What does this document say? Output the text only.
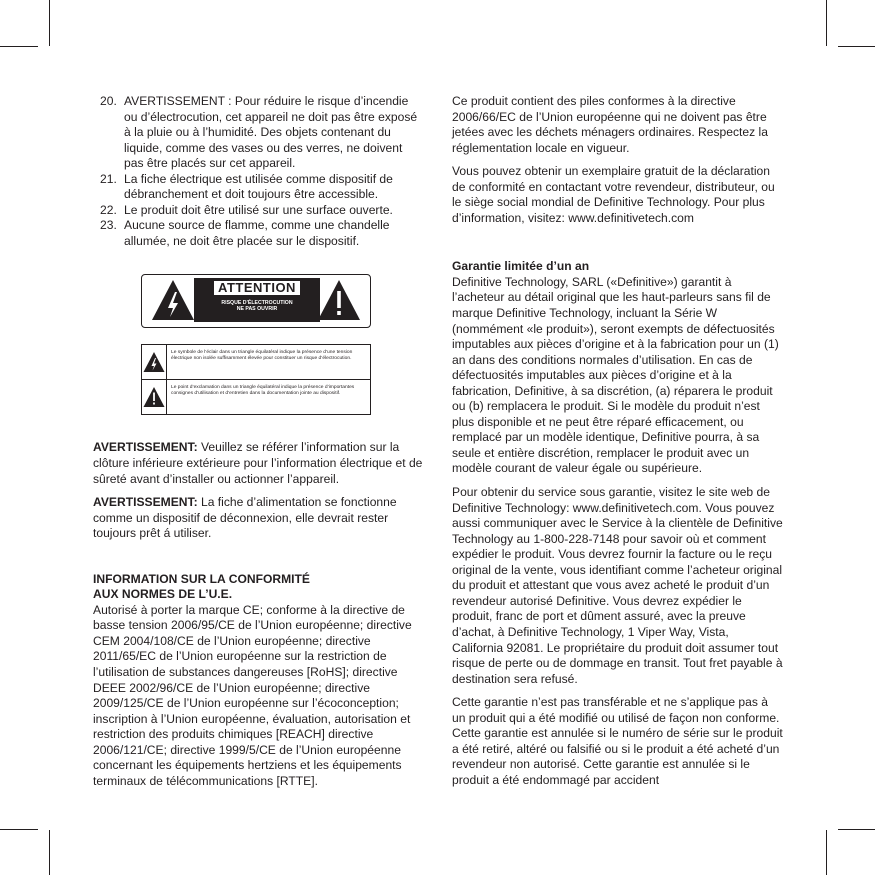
20. AVERTISSEMENT : Pour réduire le risque d’incendie ou d’électrocution, cet appareil ne doit pas être exposé à la pluie ou à l’humidité. Des objets contenant du liquide, comme des vases ou des verres, ne doivent pas être placés sur cet appareil.
21. La fiche électrique est utilisée comme dispositif de débranchement et doit toujours être accessible.
22. Le produit doit être utilisé sur une surface ouverte.
23. Aucune source de flamme, comme une chandelle allumée, ne doit être placée sur le dispositif.
ATTENTION
RISQUE D’ÉLECTROCUTION
NE PAS OUVRIR
Le symbole de l’éclair dans un triangle équilatéral indique la présence d’une tension électrique non isolée suffisamment élevée pour constituer un risque d’électrocution.
Le point d’exclamation dans un triangle équilatéral indique la présence d’importantes consignes d’utilisation et d’entretien dans la documentation jointe au dispositif.

AVERTISSEMENT: Veuillez se référer l’information sur la clôture inférieure extérieure pour l’information électrique et de sûreté avant d’installer ou actionner l’appareil.

AVERTISSEMENT: La fiche d’alimentation se fonctionne comme un dispositif de déconnexion, elle devrait rester toujours prêt á utiliser.

INFORMATION SUR LA CONFORMITÉ

AUX NORMES DE L’U.E.

Autorisé à porter la marque CE; conforme à la directive de basse tension 2006/95/CE de l’Union européenne; directive CEM 2004/108/CE de l’Union européenne; directive 2011/65/EC de l’Union européenne sur la restriction de l’utilisation de substances dangereuses [RoHS]; directive DEEE 2002/96/CE de l’Union européenne; directive 2009/125/CE de l’Union européenne sur l’écoconception; inscription à l’Union européenne, évaluation, autorisation et restriction des produits chimiques [REACH] directive 2006/121/CE; directive 1999/5/CE de l’Union européenne concernant les équipements hertziens et les équipements terminaux de télécommunications [RTTE].

Ce produit contient des piles conformes à la directive 2006/66/EC de l’Union européenne qui ne doivent pas être jetées avec les déchets ménagers ordinaires. Respectez la réglementation locale en vigueur.

Vous pouvez obtenir un exemplaire gratuit de la déclaration de conformité en contactant votre revendeur, distributeur, ou le siège social mondial de Definitive Technology. Pour plus d’information, visitez: www.definitivetech.com

Garantie limitée d’un an

Definitive Technology, SARL («Definitive») garantit à l’acheteur au détail original que les haut-parleurs sans fil de marque Definitive Technology, incluant la Série W (nommément «le produit»), seront exempts de défectuosités imputables aux pièces d’origine et à la fabrication pour un (1) an dans des conditions normales d’utilisation. En cas de défectuosités imputables aux pièces d’origine et à la fabrication, Definitive, à sa discrétion, (a) réparera le produit ou (b) remplacera le produit. Si le modèle du produit n’est plus disponible et ne peut être réparé efficacement, ou remplacé par un modèle identique, Definitive pourra, à sa seule et entière discrétion, remplacer le produit avec un modèle courant de valeur égale ou supérieure.

Pour obtenir du service sous garantie, visitez le site web de Definitive Technology: www.definitivetech.com. Vous pouvez aussi communiquer avec le Service à la clientèle de Definitive Technology au 1-800-228-7148 pour savoir où et comment expédier le produit. Vous devrez fournir la facture ou le reçu original de la vente, vous identifiant comme l’acheteur original du produit et attestant que vous avez acheté le produit d’un revendeur autorisé Definitive. Vous devrez expédier le produit, franc de port et dûment assuré, avec la preuve d’achat, à Definitive Technology, 1 Viper Way, Vista, California 92081. Le propriétaire du produit doit assumer tout risque de perte ou de dommage en transit. Tout fret payable à destination sera refusé.

Cette garantie n’est pas transférable et ne s’applique pas à un produit qui a été modifié ou utilisé de façon non conforme. Cette garantie est annulée si le numéro de série sur le produit a été retiré, altéré ou falsifié ou si le produit a été acheté d’un revendeur non autorisé. Cette garantie est annulée si le produit a été endommagé par accident
